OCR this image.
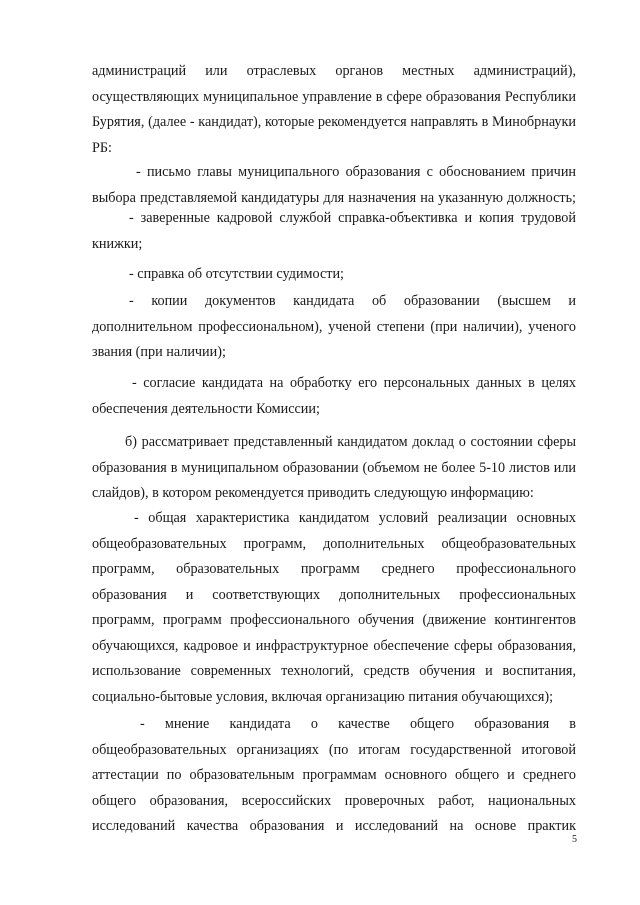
администраций или отраслевых органов местных администраций),
осуществляющих муниципальное управление в сфере образования Республики
Бурятия, (далее - кандидат), которые рекомендуется направлять в Минобрнауки
РБ:
- письмо главы муниципального образования с обоснованием причин
выбора представляемой кандидатуры для назначения на указанную должность;
- заверенные кадровой службой справка-объективка и копия трудовой
книжки;
- справка об отсутствии судимости;
- копии документов кандидата об образовании (высшем и
дополнительном профессиональном), ученой степени (при наличии), ученого
звания (при наличии);
- согласие кандидата на обработку его персональных данных в целях
обеспечения деятельности Комиссии;
б) рассматривает представленный кандидатом доклад о состоянии сферы
образования в муниципальном образовании (объемом не более 5-10 листов или
слайдов), в котором рекомендуется приводить следующую информацию:
- общая характеристика кандидатом условий реализации основных
общеобразовательных программ, дополнительных общеобразовательных
программ, образовательных программ среднего профессионального
образования и соответствующих дополнительных профессиональных
программ, программ профессионального обучения (движение контингентов
обучающихся, кадровое и инфраструктурное обеспечение сферы образования,
использование современных технологий, средств обучения и воспитания,
социально-бытовые условия, включая организацию питания обучающихся);
- мнение кандидата о качестве общего образования в
общеобразовательных организациях (по итогам государственной итоговой
аттестации по образовательным программам основного общего и среднего
общего образования, всероссийских проверочных работ, национальных
исследований качества образования и исследований на основе практик
5
